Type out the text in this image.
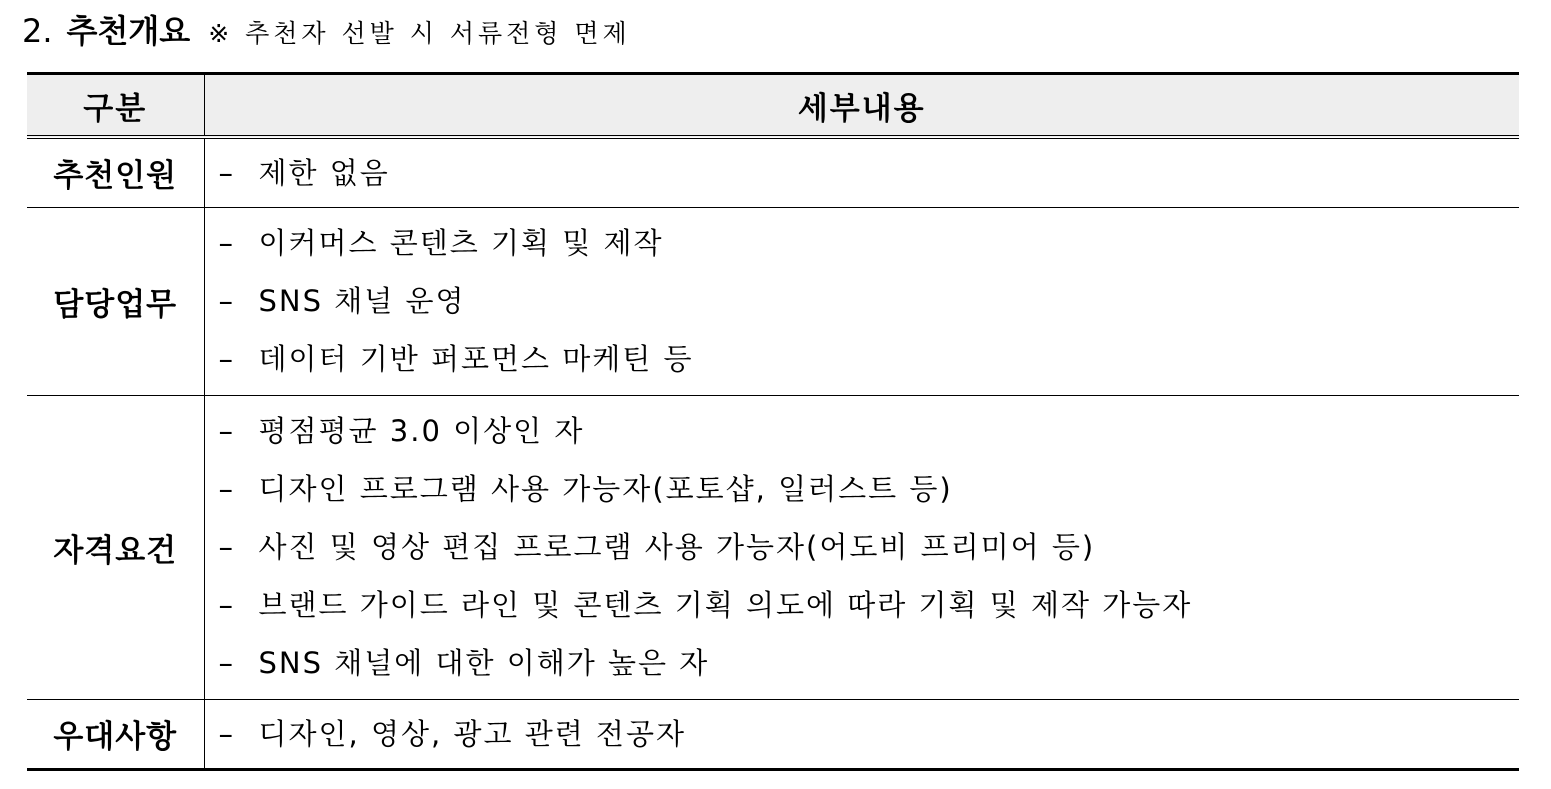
2. 추천개요 ※ 추천자 선발 시 서류전형 면제
구분	세부내용
추천인원	– 제한 없음

담당업무	– 이커머스 콘텐츠 기획 및 제작
– SNS 채널 운영
– 데이터 기반 퍼포먼스 마케틴 등

자격요건	– 평점평균 3.0 이상인 자
– 디자인 프로그램 사용 가능자(포토샵, 일러스트 등)
– 사진 및 영상 편집 프로그램 사용 가능자(어도비 프리미어 등)
– 브랜드 가이드 라인 및 콘텐츠 기획 의도에 따라 기획 및 제작 가능자
– SNS 채널에 대한 이해가 높은 자

우대사항	– 디자인, 영상, 광고 관련 전공자
